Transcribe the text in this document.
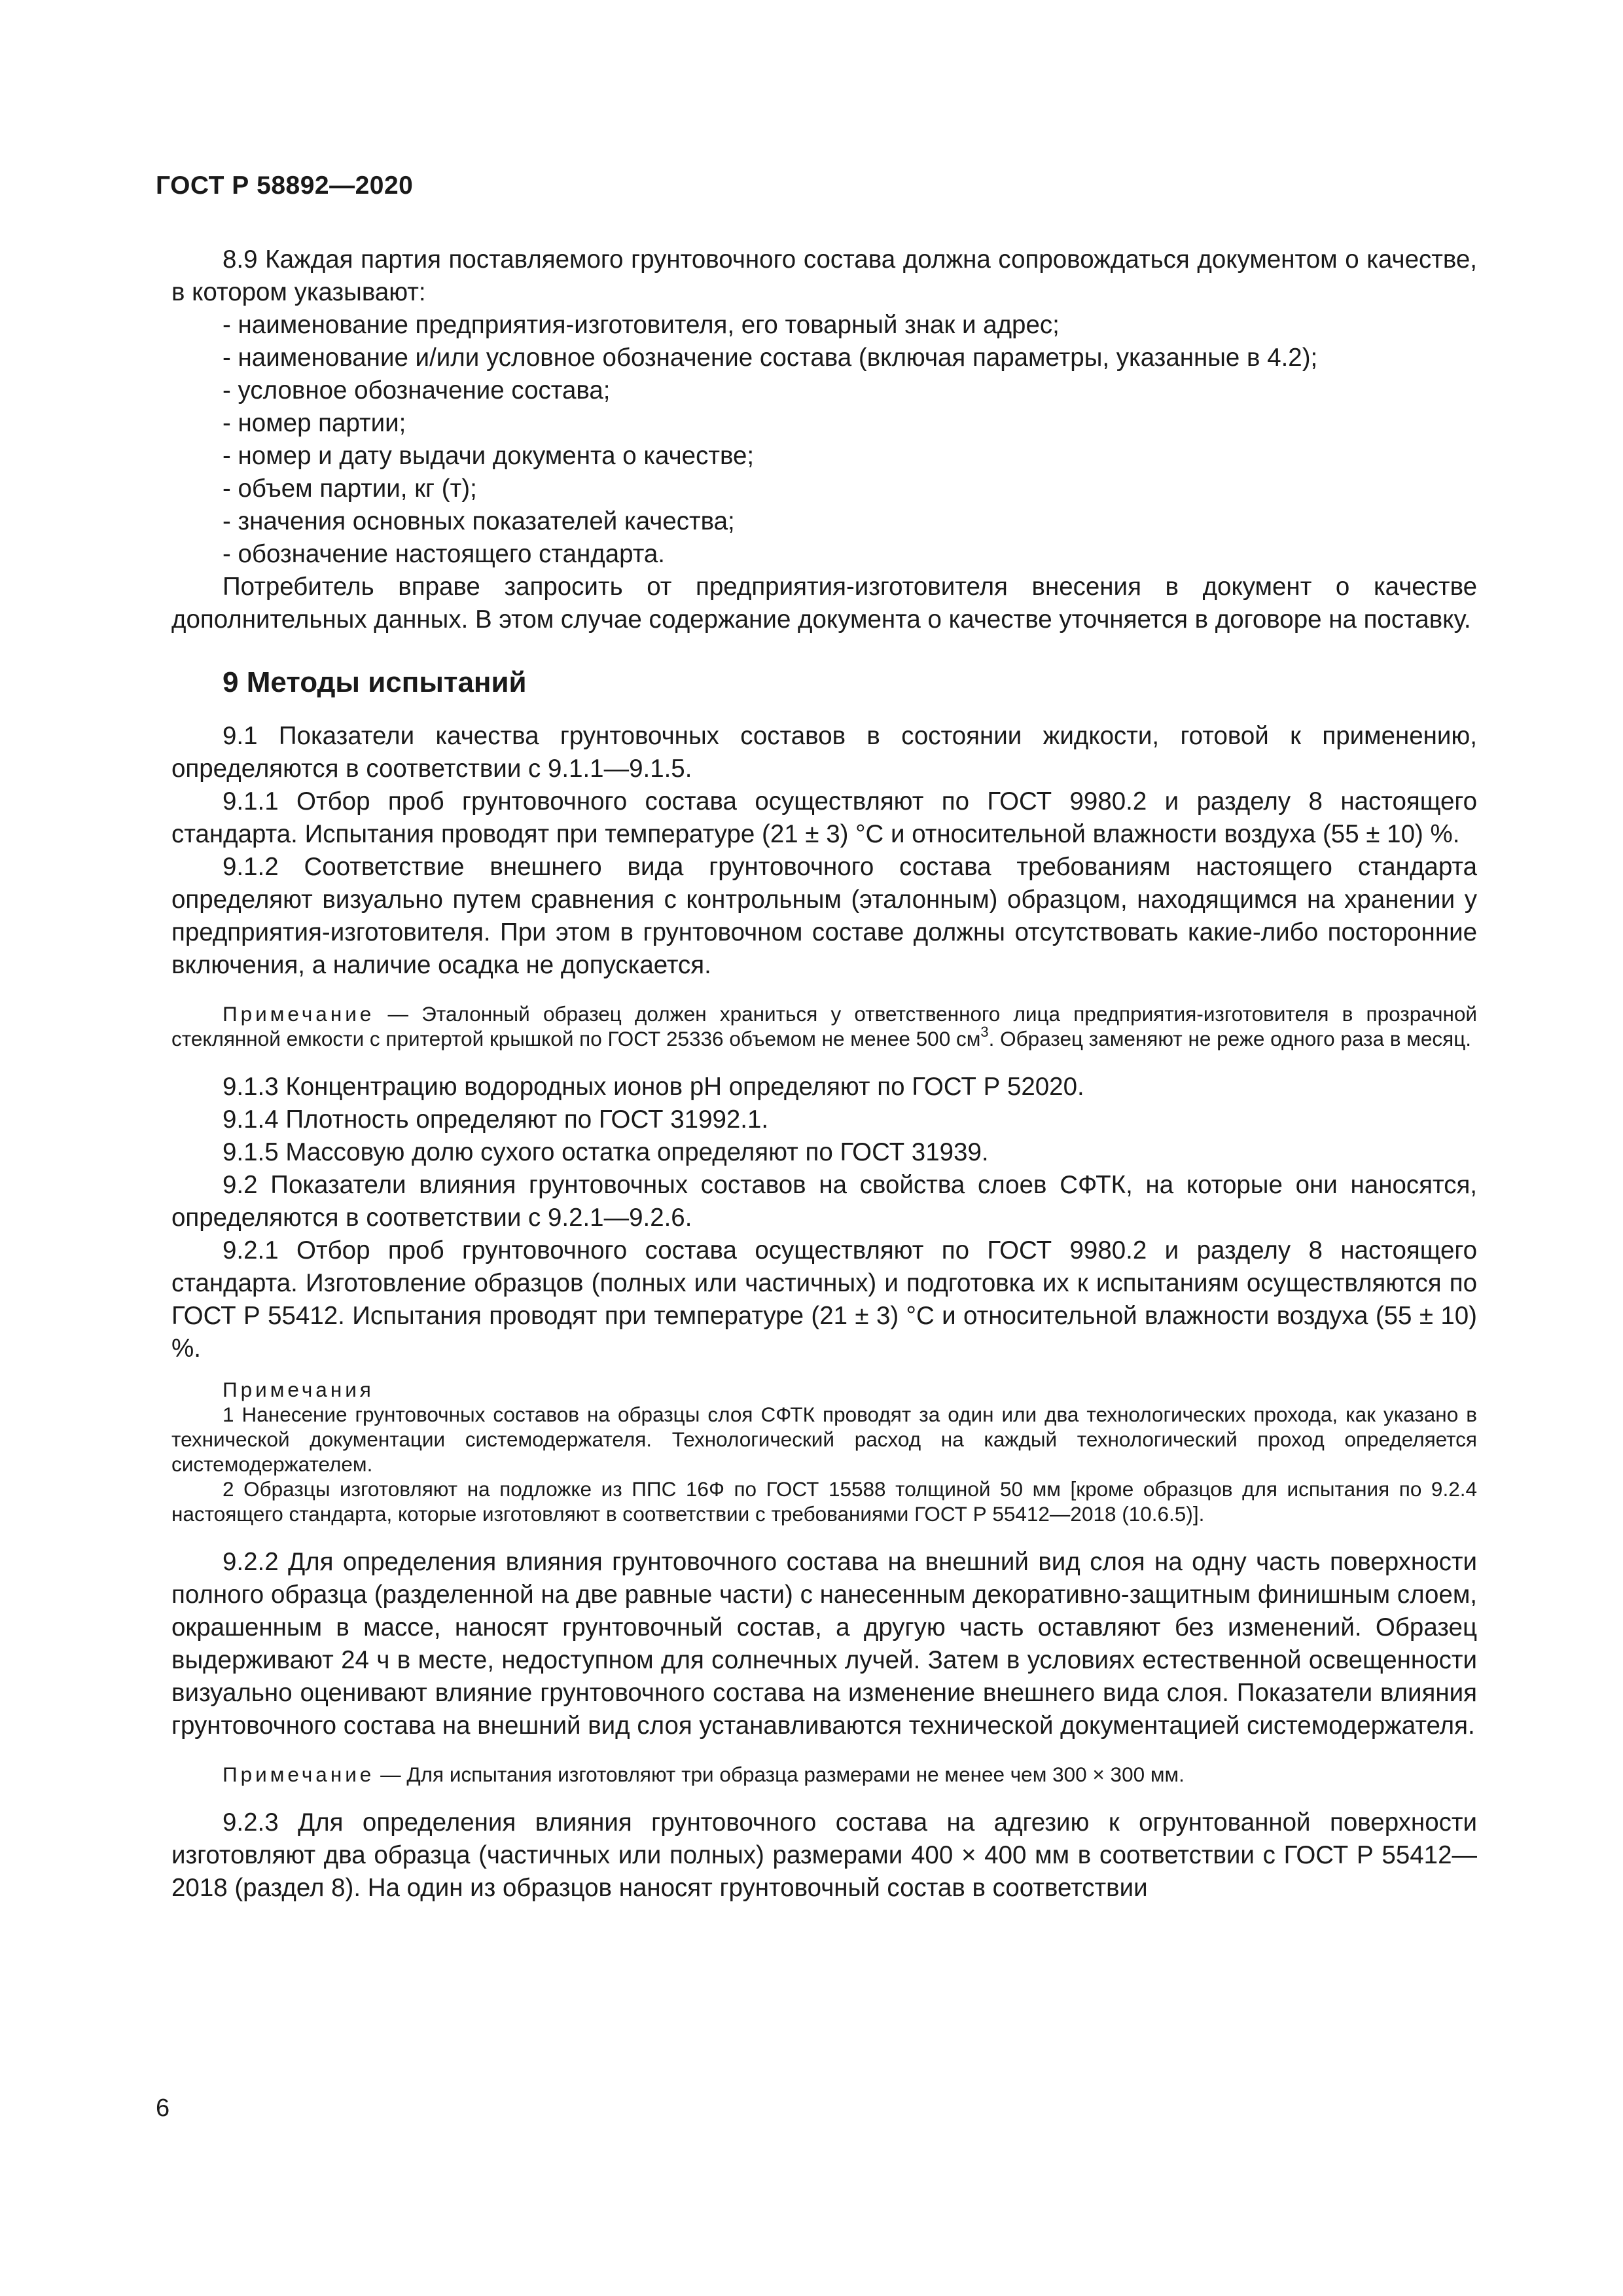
ГОСТ Р 58892—2020

8.9 Каждая партия поставляемого грунтовочного состава должна сопровождаться документом о качестве, в котором указывают:

- наименование предприятия-изготовителя, его товарный знак и адрес;

- наименование и/или условное обозначение состава (включая параметры, указанные в 4.2);

- условное обозначение состава;

- номер партии;

- номер и дату выдачи документа о качестве;

- объем партии, кг (т);

- значения основных показателей качества;

- обозначение настоящего стандарта.

Потребитель вправе запросить от предприятия-изготовителя внесения в документ о качестве дополнительных данных. В этом случае содержание документа о качестве уточняется в договоре на поставку.

9 Методы испытаний

9.1 Показатели качества грунтовочных составов в состоянии жидкости, готовой к применению, определяются в соответствии с 9.1.1—9.1.5.

9.1.1 Отбор проб грунтовочного состава осуществляют по ГОСТ 9980.2 и разделу 8 настоящего стандарта. Испытания проводят при температуре (21 ± 3) °С и относительной влажности воздуха (55 ± 10) %.

9.1.2 Соответствие внешнего вида грунтовочного состава требованиям настоящего стандарта определяют визуально путем сравнения с контрольным (эталонным) образцом, находящимся на хранении у предприятия-изготовителя. При этом в грунтовочном составе должны отсутствовать какие-либо посторонние включения, а наличие осадка не допускается.

Примечание — Эталонный образец должен храниться у ответственного лица предприятия-изготовителя в прозрачной стеклянной емкости с притертой крышкой по ГОСТ 25336 объемом не менее 500 $см^3$. Образец заменяют не реже одного раза в месяц.

9.1.3 Концентрацию водородных ионов рН определяют по ГОСТ Р 52020.

9.1.4 Плотность определяют по ГОСТ 31992.1.

9.1.5 Массовую долю сухого остатка определяют по ГОСТ 31939.

9.2 Показатели влияния грунтовочных составов на свойства слоев СФТК, на которые они наносятся, определяются в соответствии с 9.2.1—9.2.6.

9.2.1 Отбор проб грунтовочного состава осуществляют по ГОСТ 9980.2 и разделу 8 настоящего стандарта. Изготовление образцов (полных или частичных) и подготовка их к испытаниям осуществляются по ГОСТ Р 55412. Испытания проводят при температуре (21 ± 3) °С и относительной влажности воздуха (55 ± 10) %.

Примечания

1 Нанесение грунтовочных составов на образцы слоя СФТК проводят за один или два технологических прохода, как указано в технической документации системодержателя. Технологический расход на каждый технологический проход определяется системодержателем.

2 Образцы изготовляют на подложке из ППС 16Ф по ГОСТ 15588 толщиной 50 мм [кроме образцов для испытания по 9.2.4 настоящего стандарта, которые изготовляют в соответствии с требованиями ГОСТ Р 55412—2018 (10.6.5)].

9.2.2 Для определения влияния грунтовочного состава на внешний вид слоя на одну часть поверхности полного образца (разделенной на две равные части) с нанесенным декоративно-защитным финишным слоем, окрашенным в массе, наносят грунтовочный состав, а другую часть оставляют без изменений. Образец выдерживают 24 ч в месте, недоступном для солнечных лучей. Затем в условиях естественной освещенности визуально оценивают влияние грунтовочного состава на изменение внешнего вида слоя. Показатели влияния грунтовочного состава на внешний вид слоя устанавливаются технической документацией системодержателя.

Примечание — Для испытания изготовляют три образца размерами не менее чем 300 × 300 мм.

9.2.3 Для определения влияния грунтовочного состава на адгезию к огрунтованной поверхности изготовляют два образца (частичных или полных) размерами 400 × 400 мм в соответствии с ГОСТ Р 55412—2018 (раздел 8). На один из образцов наносят грунтовочный состав в соответствии

6
